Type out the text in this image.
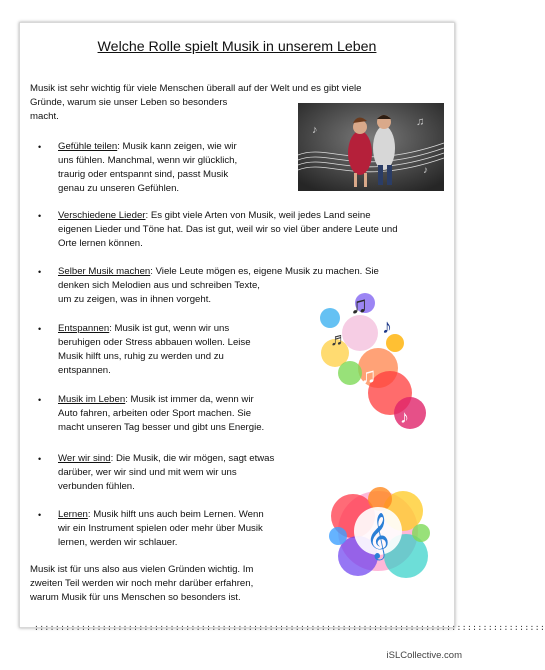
Welche Rolle spielt Musik in unserem Leben
Musik ist sehr wichtig für viele Menschen überall auf der Welt und es gibt viele
Gründe, warum sie unser Leben so besonders
macht.
♪
♫
♪
• Gefühle teilen: Musik kann zeigen, wie wir
uns fühlen. Manchmal, wenn wir glücklich,
traurig oder entspannt sind, passt Musik
genau zu unseren Gefühlen.
• Verschiedene Lieder: Es gibt viele Arten von Musik, weil jedes Land seine
eigenen Lieder und Töne hat. Das ist gut, weil wir so viel über andere Leute und
Orte lernen können.
• Selber Musik machen: Viele Leute mögen es, eigene Musik zu machen. Sie
denken sich Melodien aus und schreiben Texte,
um zu zeigen, was in ihnen vorgeht.	♫
♪
♬
♫
♪
• Entspannen: Musik ist gut, wenn wir uns
beruhigen oder Stress abbauen wollen. Leise
Musik hilft uns, ruhig zu werden und zu
entspannen.
• Musik im Leben: Musik ist immer da, wenn wir
Auto fahren, arbeiten oder Sport machen. Sie
macht unseren Tag besser und gibt uns Energie.
• Wer wir sind: Die Musik, die wir mögen, sagt etwas
darüber, wer wir sind und mit wem wir uns
verbunden fühlen.
𝄞
• Lernen: Musik hilft uns auch beim Lernen. Wenn
wir ein Instrument spielen oder mehr über Musik
lernen, werden wir schlauer.
Musik ist für uns also aus vielen Gründen wichtig. Im
zweiten Teil werden wir noch mehr darüber erfahren,
warum Musik für uns Menschen so besonders ist.
::::::::::::::::::::::::::::::::::::::::::::::::::::::::::::::::::::::::::::::::::::::::::::::::::
iSLCollective.com
